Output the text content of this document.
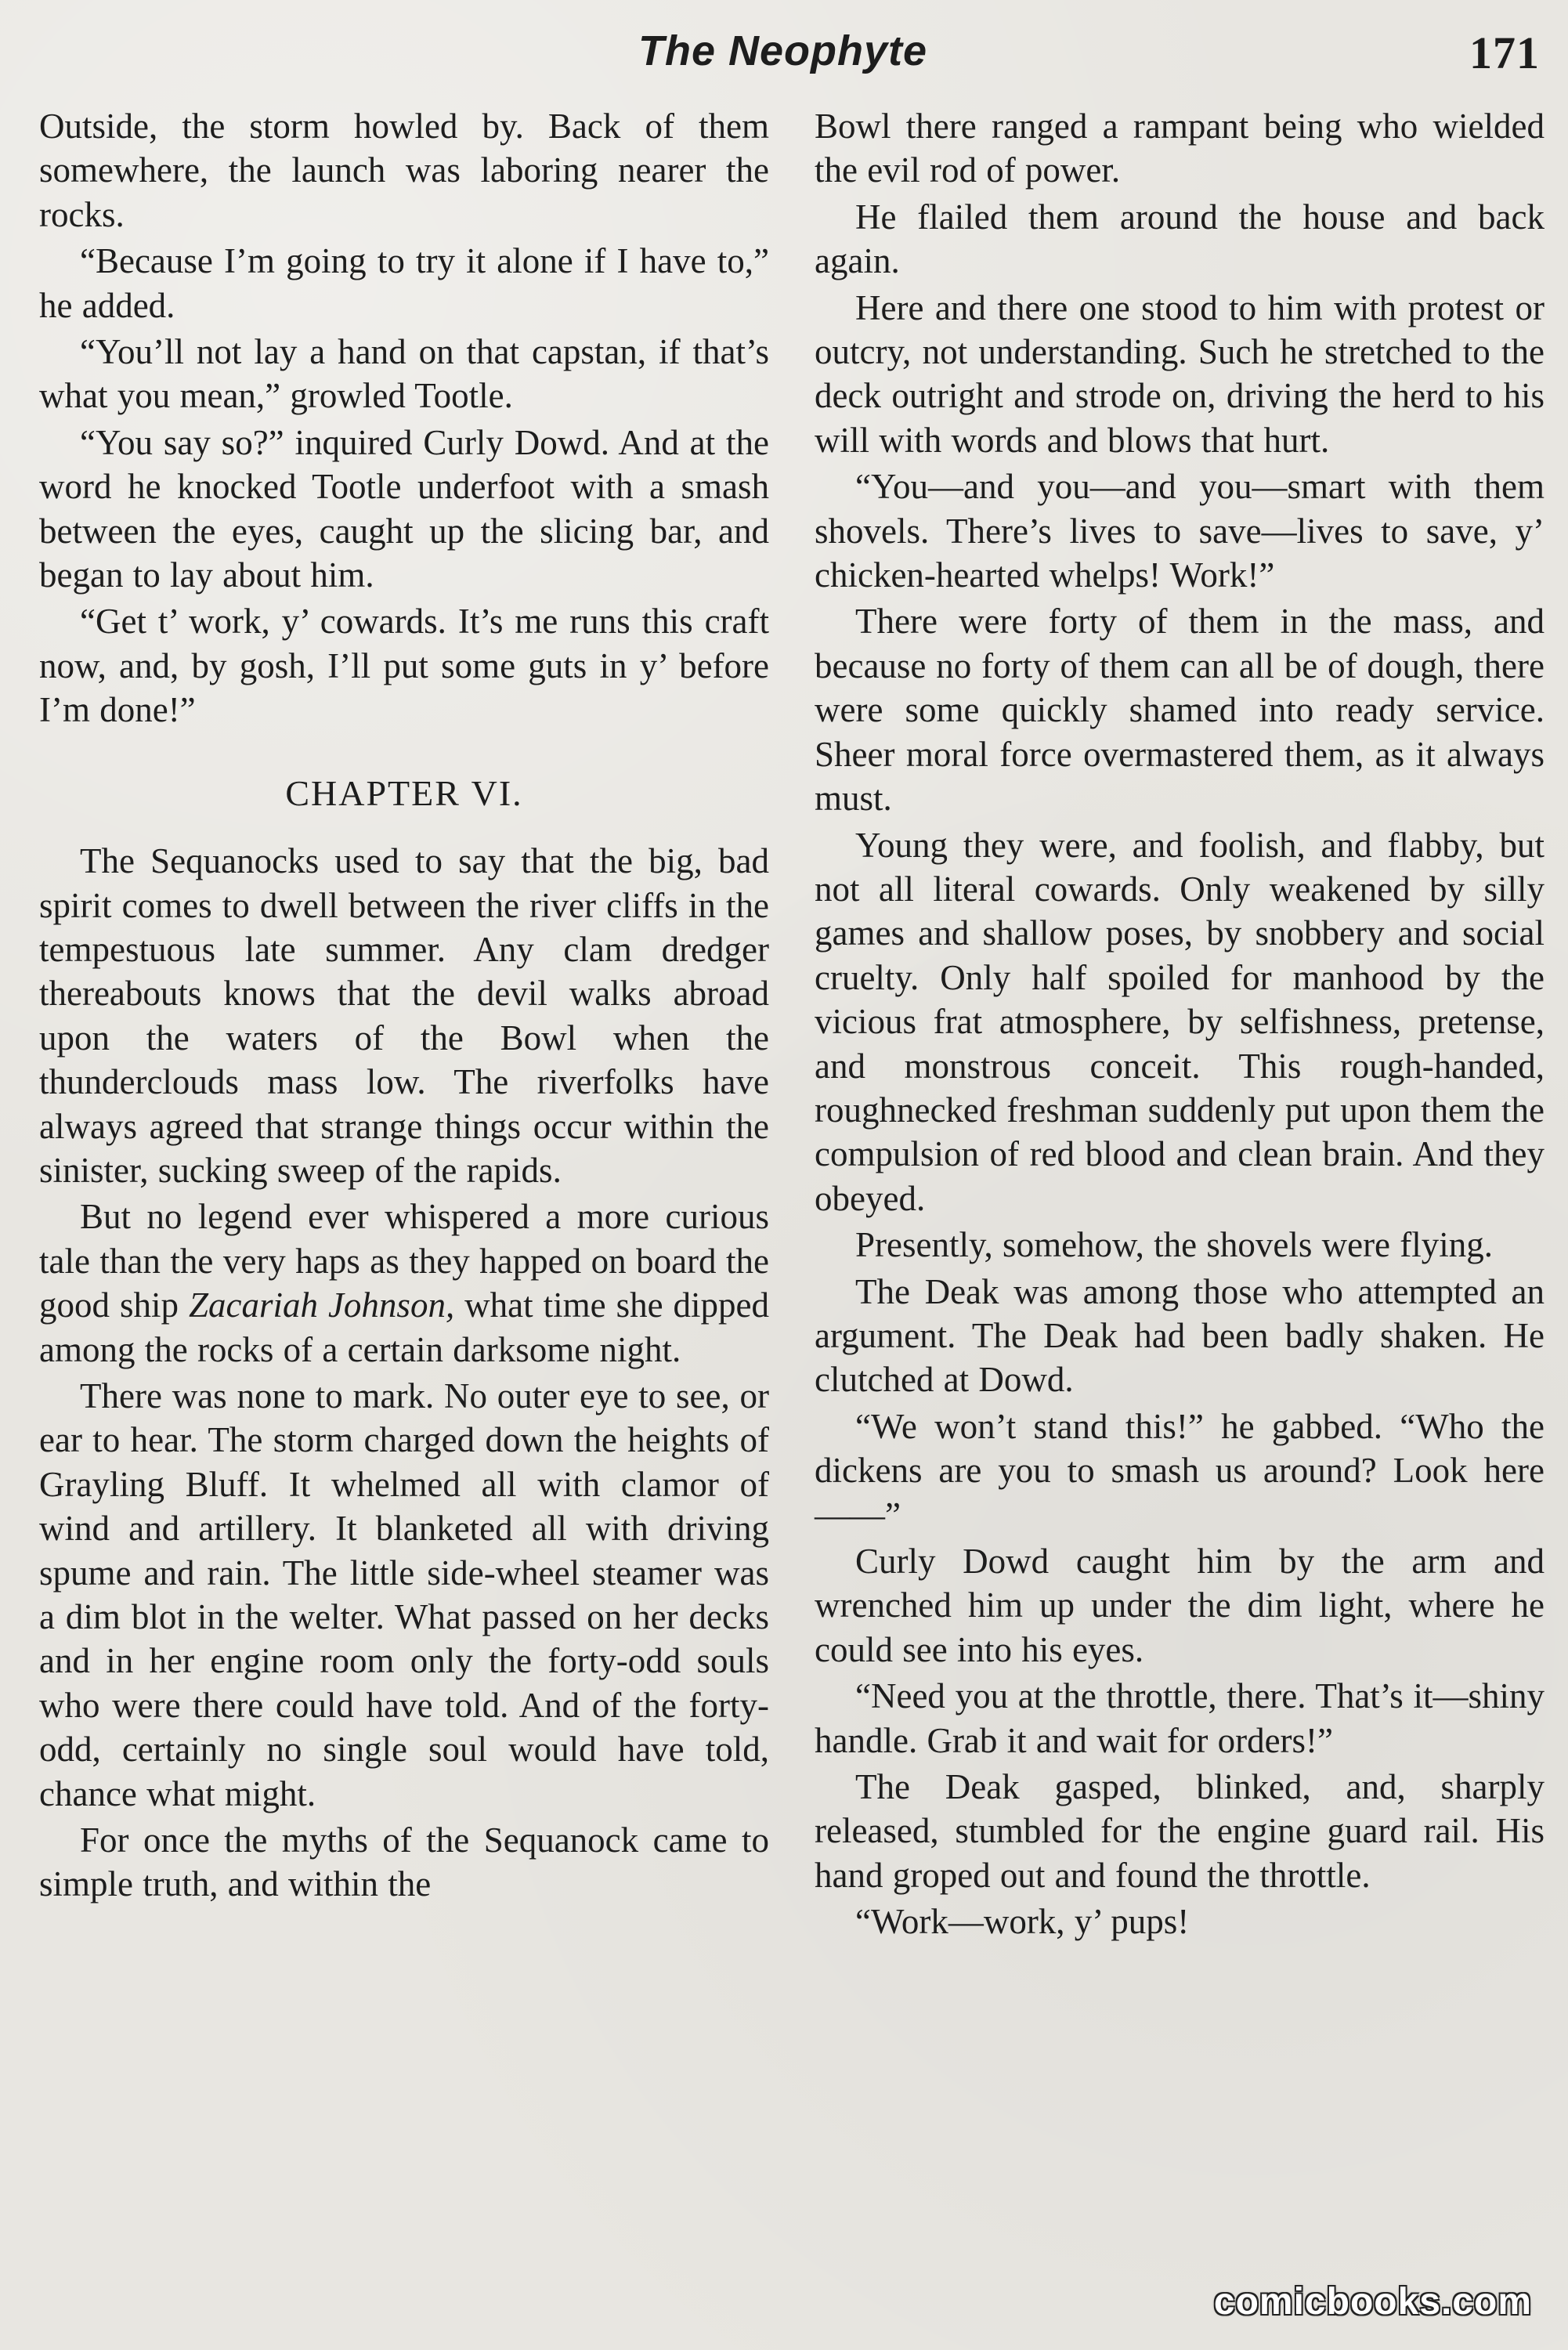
The Neophyte	171

Outside, the storm howled by. Back of them somewhere, the launch was laboring nearer the rocks.

“Because I’m going to try it alone if I have to,” he added.

“You’ll not lay a hand on that capstan, if that’s what you mean,” growled Tootle.

“You say so?” inquired Curly Dowd. And at the word he knocked Tootle underfoot with a smash between the eyes, caught up the slicing bar, and began to lay about him.

“Get t’ work, y’ cowards. It’s me runs this craft now, and, by gosh, I’ll put some guts in y’ before I’m done!”

CHAPTER VI.

The Sequanocks used to say that the big, bad spirit comes to dwell between the river cliffs in the tempestuous late summer. Any clam dredger thereabouts knows that the devil walks abroad upon the waters of the Bowl when the thunderclouds mass low. The riverfolks have always agreed that strange things occur within the sinister, sucking sweep of the rapids.

But no legend ever whispered a more curious tale than the very haps as they happed on board the good ship Zacariah Johnson, what time she dipped among the rocks of a certain darksome night.

There was none to mark. No outer eye to see, or ear to hear. The storm charged down the heights of Grayling Bluff. It whelmed all with clamor of wind and artillery. It blanketed all with driving spume and rain. The little side-wheel steamer was a dim blot in the welter. What passed on her decks and in her engine room only the forty-odd souls who were there could have told. And of the forty-odd, certainly no single soul would have told, chance what might.

For once the myths of the Sequanock came to simple truth, and within the

Bowl there ranged a rampant being who wielded the evil rod of power.

He flailed them around the house and back again.

Here and there one stood to him with protest or outcry, not understanding. Such he stretched to the deck outright and strode on, driving the herd to his will with words and blows that hurt.

“You—and you—and you—smart with them shovels. There’s lives to save—lives to save, y’ chicken-hearted whelps! Work!”

There were forty of them in the mass, and because no forty of them can all be of dough, there were some quickly shamed into ready service. Sheer moral force overmastered them, as it always must.

Young they were, and foolish, and flabby, but not all literal cowards. Only weakened by silly games and shallow poses, by snobbery and social cruelty. Only half spoiled for manhood by the vicious frat atmosphere, by selfishness, pretense, and monstrous conceit. This rough-handed, roughnecked freshman suddenly put upon them the compulsion of red blood and clean brain. And they obeyed.

Presently, somehow, the shovels were flying.

The Deak was among those who attempted an argument. The Deak had been badly shaken. He clutched at Dowd.

“We won’t stand this!” he gabbed. “Who the dickens are you to smash us around? Look here——”

Curly Dowd caught him by the arm and wrenched him up under the dim light, where he could see into his eyes.

“Need you at the throttle, there. That’s it—shiny handle. Grab it and wait for orders!”

The Deak gasped, blinked, and, sharply released, stumbled for the engine guard rail. His hand groped out and found the throttle.

“Work—work, y’ pups!

comicbooks.com
